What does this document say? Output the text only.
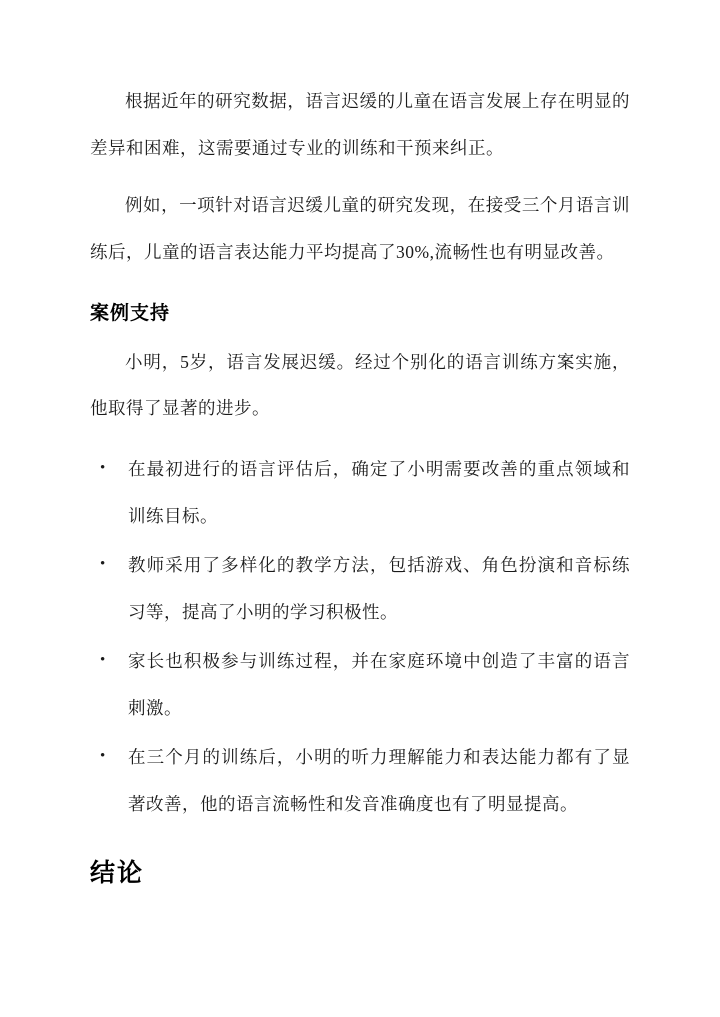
根据近年的研究数据，语言迟缓的儿童在语言发展上存在明显的差异和困难，这需要通过专业的训练和干预来纠正。

例如，一项针对语言迟缓儿童的研究发现，在接受三个月语言训练后，儿童的语言表达能力平均提高了30%,流畅性也有明显改善。

案例支持

小明，5岁，语言发展迟缓。经过个别化的语言训练方案实施，他取得了显著的进步。

•	在最初进行的语言评估后，确定了小明需要改善的重点领域和训练目标。
•	教师采用了多样化的教学方法，包括游戏、角色扮演和音标练习等，提高了小明的学习积极性。
•	家长也积极参与训练过程，并在家庭环境中创造了丰富的语言刺激。
•	在三个月的训练后，小明的听力理解能力和表达能力都有了显著改善，他的语言流畅性和发音准确度也有了明显提高。
结论
